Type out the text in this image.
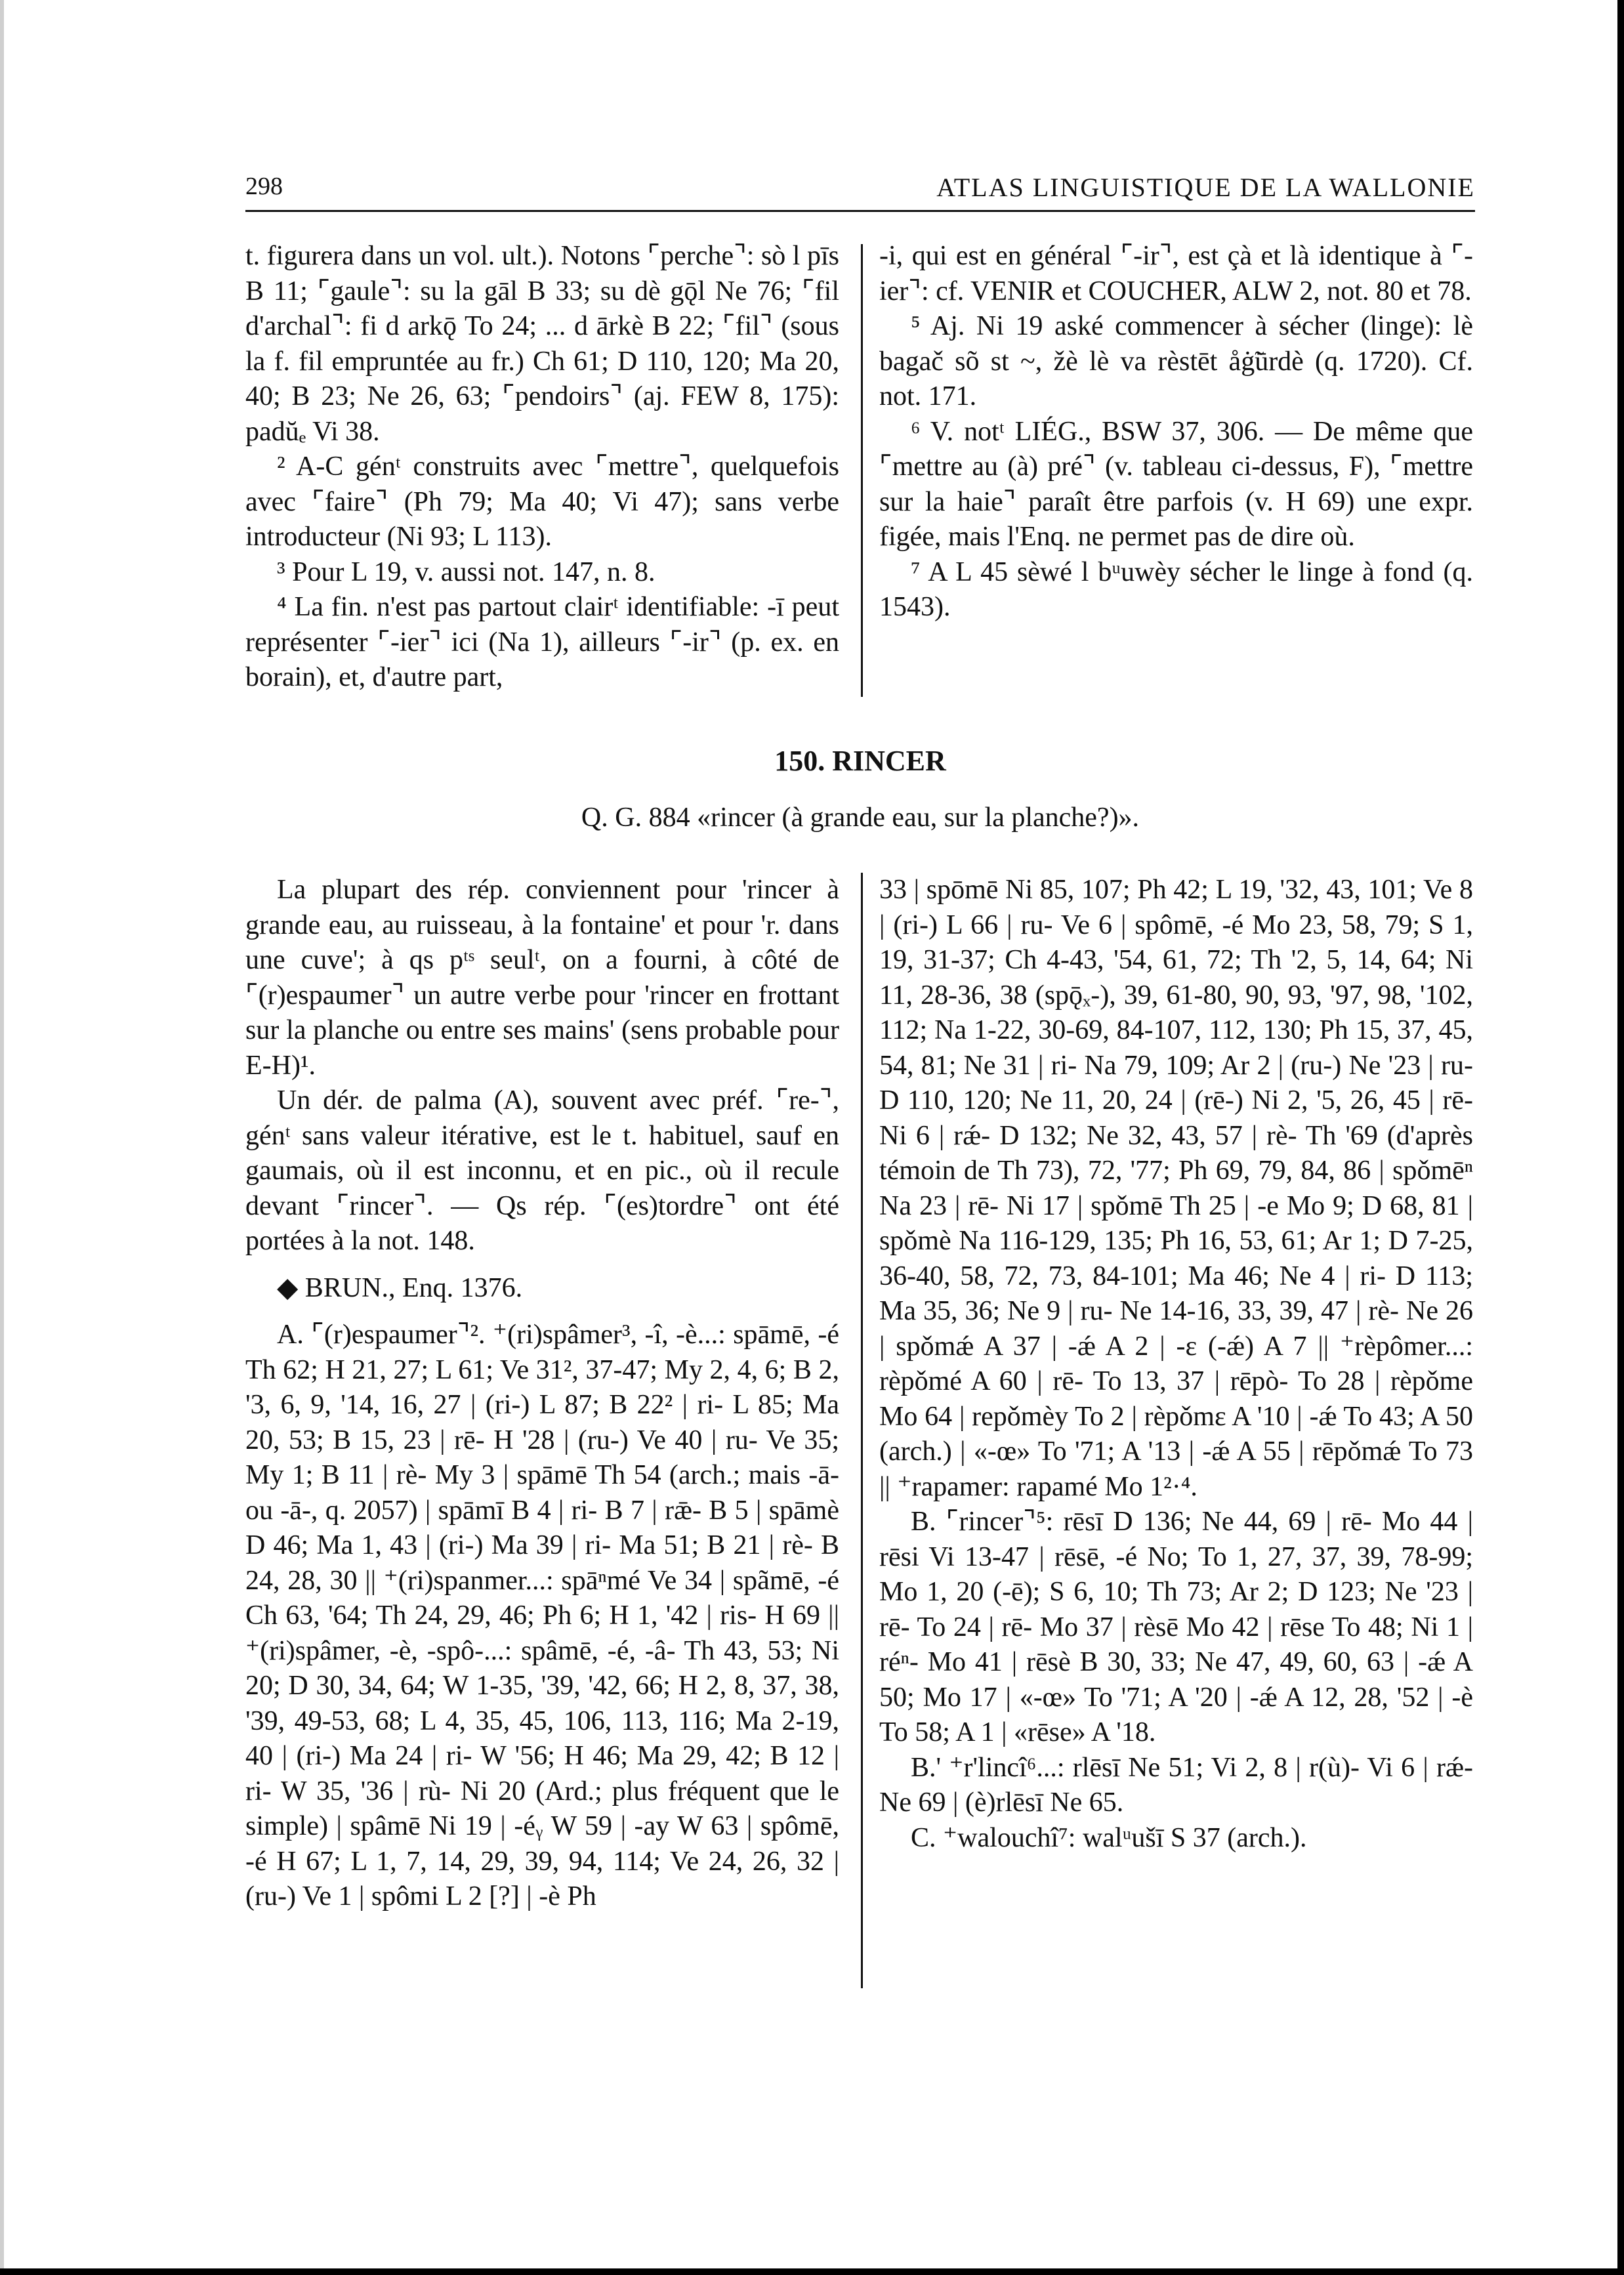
298	ATLAS LINGUISTIQUE DE LA WALLONIE

t. figurera dans un vol. ult.). Notons ⌜perche⌝: sò l pīs B 11; ⌜gaule⌝: su la gāl B 33; su dè gǭl Ne 76; ⌜fil d'archal⌝: fi d arkǭ To 24; ... d ārkè B 22; ⌜fil⌝ (sous la f. fil empruntée au fr.) Ch 61; D 110, 120; Ma 20, 40; B 23; Ne 26, 63; ⌜pendoirs⌝ (aj. FEW 8, 175): padŭₑ Vi 38.

² A-C génᵗ construits avec ⌜mettre⌝, quelquefois avec ⌜faire⌝ (Ph 79; Ma 40; Vi 47); sans verbe introducteur (Ni 93; L 113).

³ Pour L 19, v. aussi not. 147, n. 8.

⁴ La fin. n'est pas partout clairᵗ identifiable: -ī peut représenter ⌜-ier⌝ ici (Na 1), ailleurs ⌜-ir⌝ (p. ex. en borain), et, d'autre part,

-i, qui est en général ⌜-ir⌝, est çà et là identique à ⌜-ier⌝: cf. VENIR et COUCHER, ALW 2, not. 80 et 78.

⁵ Aj. Ni 19 aské commencer à sécher (linge): lè bagač sõ st ~, žè lè va rèstēt åġ̃ūrdè (q. 1720). Cf. not. 171.

⁶ V. notᵗ LIÉG., BSW 37, 306. — De même que ⌜mettre au (à) pré⌝ (v. tableau ci-dessus, F), ⌜mettre sur la haie⌝ paraît être parfois (v. H 69) une expr. figée, mais l'Enq. ne permet pas de dire où.

⁷ A L 45 sèwé l bᵘuwèy sécher le linge à fond (q. 1543).

150. RINCER
Q. G. 884 «rincer (à grande eau, sur la planche?)».

La plupart des rép. conviennent pour 'rincer à grande eau, au ruisseau, à la fontaine' et pour 'r. dans une cuve'; à qs pᵗˢ seulᵗ, on a fourni, à côté de ⌜(r)espaumer⌝ un autre verbe pour 'rincer en frottant sur la planche ou entre ses mains' (sens probable pour E-H)¹.

Un dér. de palma (A), souvent avec préf. ⌜re-⌝, génᵗ sans valeur itérative, est le t. habituel, sauf en gaumais, où il est inconnu, et en pic., où il recule devant ⌜rincer⌝. — Qs rép. ⌜(es)tordre⌝ ont été portées à la not. 148.

◆ BRUN., Enq. 1376.

A. ⌜(r)espaumer⌝². ⁺(ri)spâmer³, -î, -è...: spāmē, -é Th 62; H 21, 27; L 61; Ve 31², 37-47; My 2, 4, 6; B 2, '3, 6, 9, '14, 16, 27 | (ri-) L 87; B 22² | ri- L 85; Ma 20, 53; B 15, 23 | rē- H '28 | (ru-) Ve 40 | ru- Ve 35; My 1; B 11 | rè- My 3 | spāmē Th 54 (arch.; mais -ā- ou -ā-, q. 2057) | spāmī B 4 | ri- B 7 | rǣ- B 5 | spāmè D 46; Ma 1, 43 | (ri-) Ma 39 | ri- Ma 51; B 21 | rè- B 24, 28, 30 || ⁺(ri)spanmer...: spāⁿmé Ve 34 | spãmē, -é Ch 63, '64; Th 24, 29, 46; Ph 6; H 1, '42 | ris- H 69 || ⁺(ri)spâmer, -è, -spô-...: spâmē, -é, -â- Th 43, 53; Ni 20; D 30, 34, 64; W 1-35, '39, '42, 66; H 2, 8, 37, 38, '39, 49-53, 68; L 4, 35, 45, 106, 113, 116; Ma 2-19, 40 | (ri-) Ma 24 | ri- W '56; H 46; Ma 29, 42; B 12 | ri- W 35, '36 | rù- Ni 20 (Ard.; plus fréquent que le simple) | spâmē Ni 19 | -éᵧ W 59 | -ay W 63 | spômē, -é H 67; L 1, 7, 14, 29, 39, 94, 114; Ve 24, 26, 32 | (ru-) Ve 1 | spômi L 2 [?] | -è Ph

33 | spōmē Ni 85, 107; Ph 42; L 19, '32, 43, 101; Ve 8 | (ri-) L 66 | ru- Ve 6 | spômē, -é Mo 23, 58, 79; S 1, 19, 31-37; Ch 4-43, '54, 61, 72; Th '2, 5, 14, 64; Ni 11, 28-36, 38 (spǭₓ-), 39, 61-80, 90, 93, '97, 98, '102, 112; Na 1-22, 30-69, 84-107, 112, 130; Ph 15, 37, 45, 54, 81; Ne 31 | ri- Na 79, 109; Ar 2 | (ru-) Ne '23 | ru- D 110, 120; Ne 11, 20, 24 | (rē-) Ni 2, '5, 26, 45 | rē- Ni 6 | rǽ- D 132; Ne 32, 43, 57 | rè- Th '69 (d'après témoin de Th 73), 72, '77; Ph 69, 79, 84, 86 | spǒmēⁿ Na 23 | rē- Ni 17 | spǒmē Th 25 | -e Mo 9; D 68, 81 | spǒmè Na 116-129, 135; Ph 16, 53, 61; Ar 1; D 7-25, 36-40, 58, 72, 73, 84-101; Ma 46; Ne 4 | ri- D 113; Ma 35, 36; Ne 9 | ru- Ne 14-16, 33, 39, 47 | rè- Ne 26 | spǒmǽ A 37 | -ǽ A 2 | -ɛ (-ǽ) A 7 || ⁺rèpômer...: rèpǒmé A 60 | rē- To 13, 37 | rēpò- To 28 | rèpǒme Mo 64 | repǒmèy To 2 | rèpǒmɛ A '10 | -ǽ To 43; A 50 (arch.) | «-œ» To '71; A '13 | -ǽ A 55 | rēpǒmǽ To 73 || ⁺rapamer: rapamé Mo 1²·⁴.

B. ⌜rincer⌝⁵: rēsī D 136; Ne 44, 69 | rē- Mo 44 | rēsi Vi 13-47 | rēsē, -é No; To 1, 27, 37, 39, 78-99; Mo 1, 20 (-ē); S 6, 10; Th 73; Ar 2; D 123; Ne '23 | rē- To 24 | rē- Mo 37 | rèsē Mo 42 | rēse To 48; Ni 1 | réⁿ- Mo 41 | rēsè B 30, 33; Ne 47, 49, 60, 63 | -ǽ A 50; Mo 17 | «-œ» To '71; A '20 | -ǽ A 12, 28, '52 | -è To 58; A 1 | «rēse» A '18.

B.' ⁺r'lincî⁶...: rlēsī Ne 51; Vi 2, 8 | r(ù)- Vi 6 | rǽ- Ne 69 | (è)rlēsī Ne 65.

C. ⁺walouchî⁷: walᵘušī S 37 (arch.).
